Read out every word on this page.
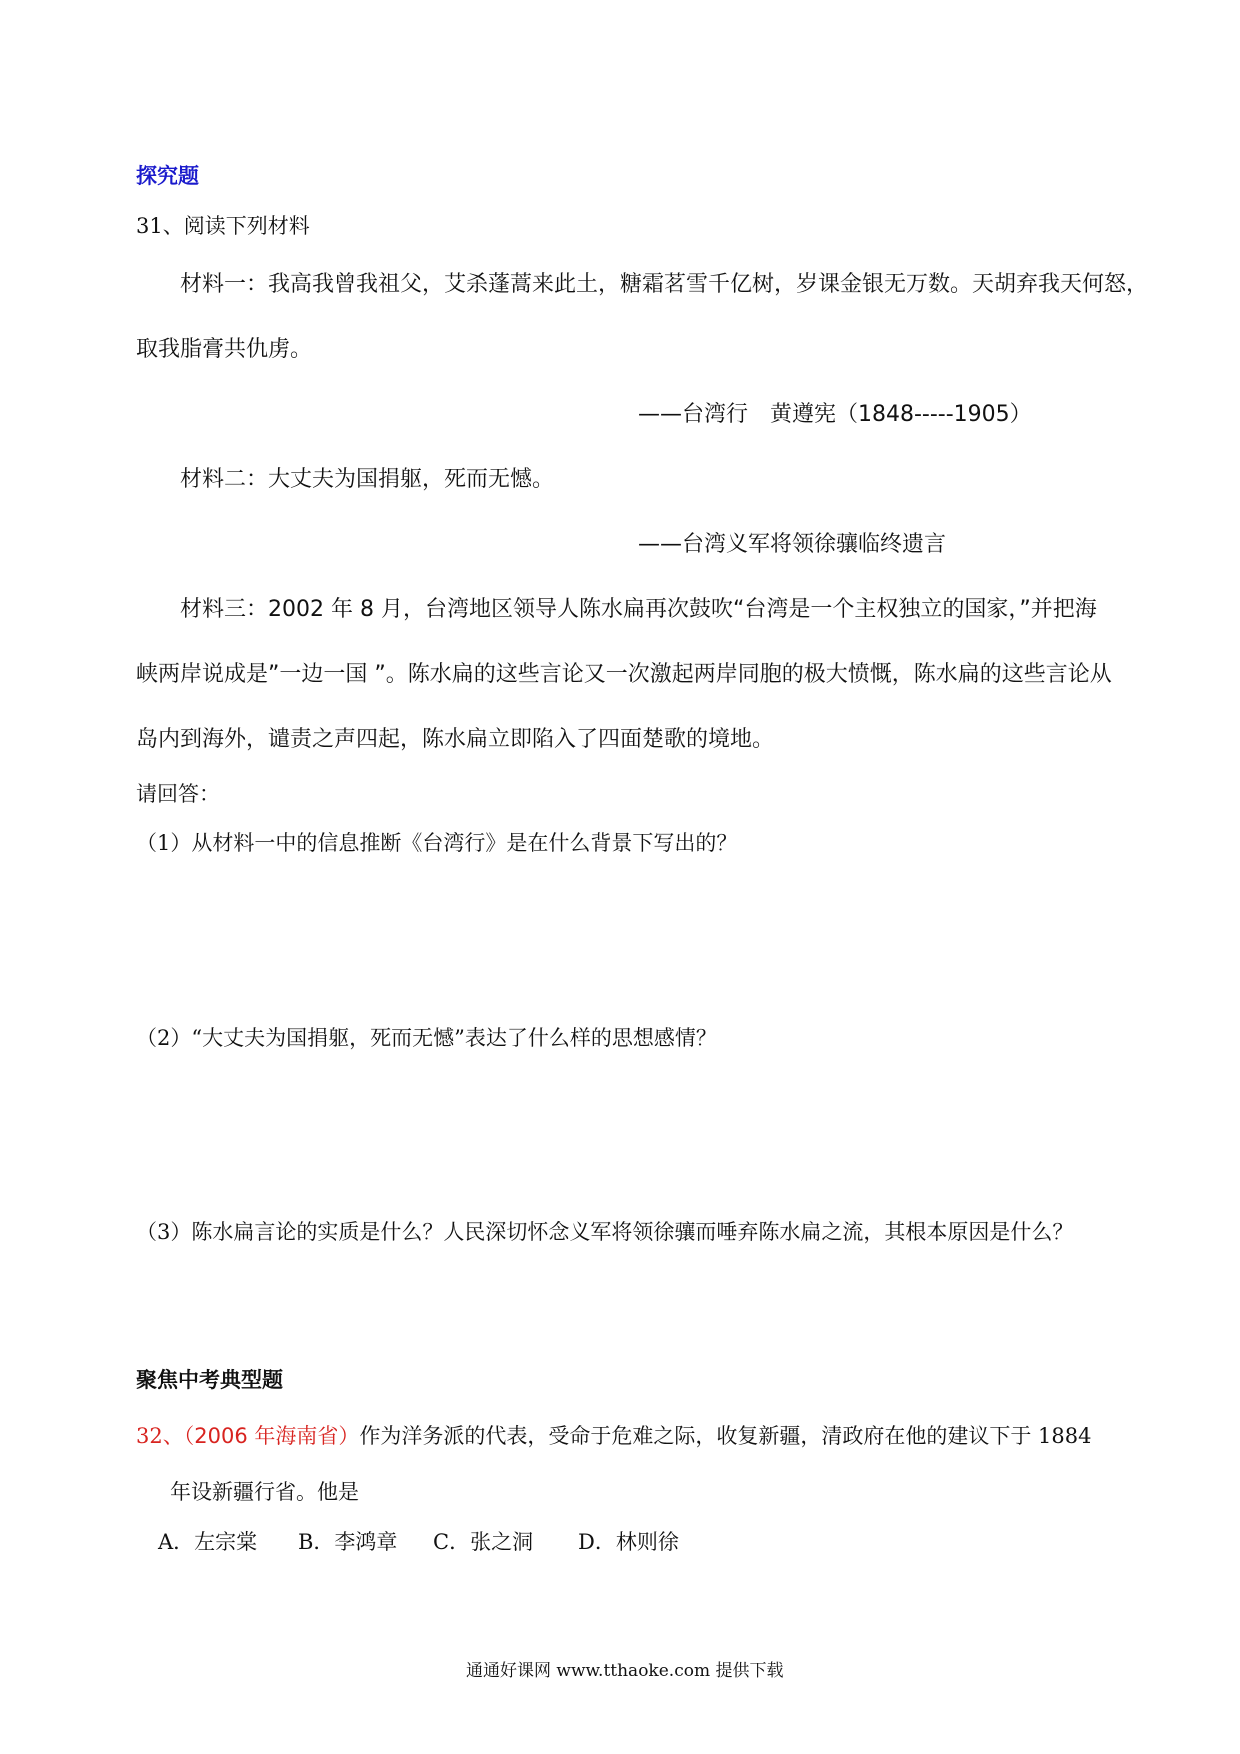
探究题
31、阅读下列材料
材料一：我高我曾我祖父，艾杀蓬蒿来此土，糖霜茗雪千亿树，岁课金银无万数。天胡弃我天何怒，
取我脂膏共仇虏。
——台湾行　黄遵宪（1848-----1905）
材料二：大丈夫为国捐躯，死而无憾。
——台湾义军将领徐骧临终遗言
材料三：2002 年 8 月，台湾地区领导人陈水扁再次鼓吹“台湾是一个主权独立的国家，”并把海
峡两岸说成是”一边一国 ”。陈水扁的这些言论又一次激起两岸同胞的极大愤慨，陈水扁的这些言论从
岛内到海外，谴责之声四起，陈水扁立即陷入了四面楚歌的境地。
请回答：
（1）从材料一中的信息推断《台湾行》是在什么背景下写出的？
（2）“大丈夫为国捐躯，死而无憾”表达了什么样的思想感情？
（3）陈水扁言论的实质是什么？人民深切怀念义军将领徐骧而唾弃陈水扁之流，其根本原因是什么？
聚焦中考典型题
32、（2006 年海南省）作为洋务派的代表，受命于危难之际，收复新疆，清政府在他的建议下于 1884
年设新疆行省。他是
A．左宗棠 B．李鸿章 C．张之洞 D．林则徐
通通好课网 www.tthaoke.com 提供下载
